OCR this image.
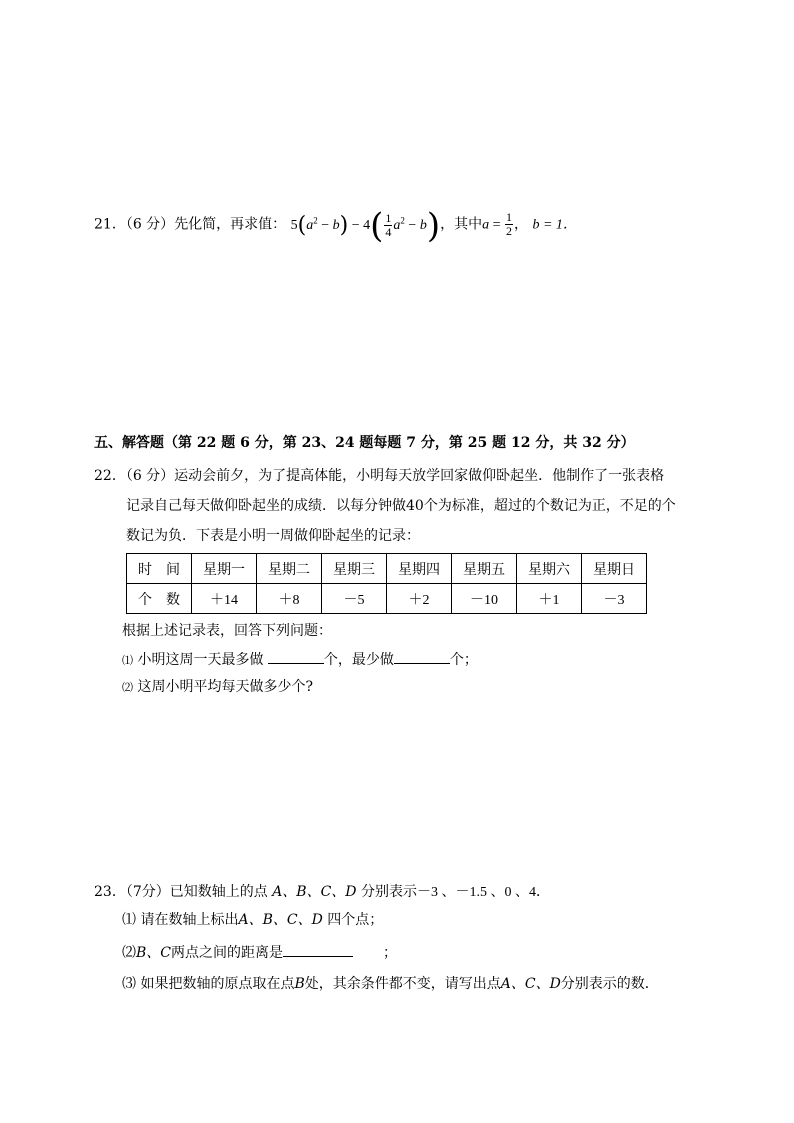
21．（6 分）先化简，再求值： $5(a^2 - b) - 4( \frac{1}{4} a^2 - b)$，其中$a = \frac{1}{2}$ ， b = 1．
五、解答题（第 22 题 6 分，第 23、24 题每题 7 分，第 25 题 12 分，共 32 分）
22．（6 分）运动会前夕，为了提高体能，小明每天放学回家做仰卧起坐．他制作了一张表格
记录自己每天做仰卧起坐的成绩．以每分钟做40个为标准，超过的个数记为正，不足的个
数记为负．下表是小明一周做仰卧起坐的记录：
时　间	星期一	星期二	星期三	星期四	星期五	星期六	星期日
个　数	＋14	＋8	－5	＋2	－10	＋1	－3
根据上述记录表，回答下列问题：
⑴ 小明这周一天最多做	个，最少做	个；
⑵ 这周小明平均每天做多少个?
23．（7分）已知数轴上的点 A、B、C、D 分别表示－3 、－1.5 、0 、4．
⑴ 请在数轴上标出A、B、C、D 四个点；
⑵B、C两点之间的距离是	；
⑶ 如果把数轴的原点取在点B处，其余条件都不变，请写出点A、C、D分别表示的数．
